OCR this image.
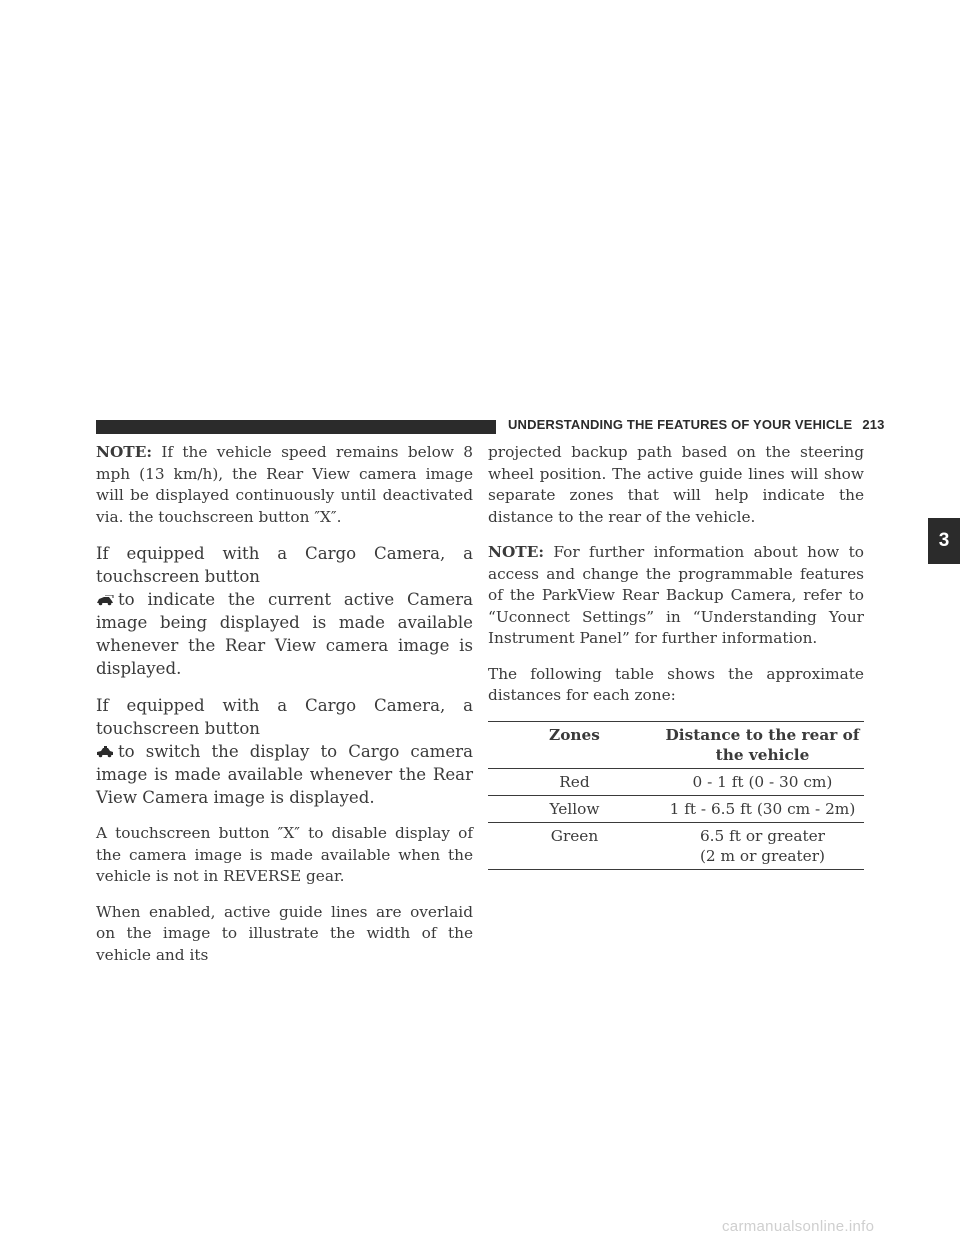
UNDERSTANDING THE FEATURES OF YOUR VEHICLE 213
3

NOTE: If the vehicle speed remains below 8 mph (13 km/h), the Rear View camera image will be displayed continuously until deactivated via. the touchscreen button ″X″.

If equipped with a Cargo Camera, a touchscreen button
to indicate the current active Camera image being displayed is made available whenever the Rear View camera image is displayed.

If equipped with a Cargo Camera, a touchscreen button
to switch the display to Cargo camera image is made available whenever the Rear View Camera image is displayed.

A touchscreen button ″X″ to disable display of the camera image is made available when the vehicle is not in REVERSE gear.

When enabled, active guide lines are overlaid on the image to illustrate the width of the vehicle and its

projected backup path based on the steering wheel position. The active guide lines will show separate zones that will help indicate the distance to the rear of the vehicle.

NOTE: For further information about how to access and change the programmable features of the ParkView Rear Backup Camera, refer to “Uconnect Settings” in “Understanding Your Instrument Panel” for further information.

The following table shows the approximate distances for each zone:

Zones	Distance to the rear of the vehicle
Red	0 - 1 ft (0 - 30 cm)
Yellow	1 ft - 6.5 ft (30 cm - 2m)
Green	6.5 ft or greater
(2 m or greater)
carmanualsonline.info
